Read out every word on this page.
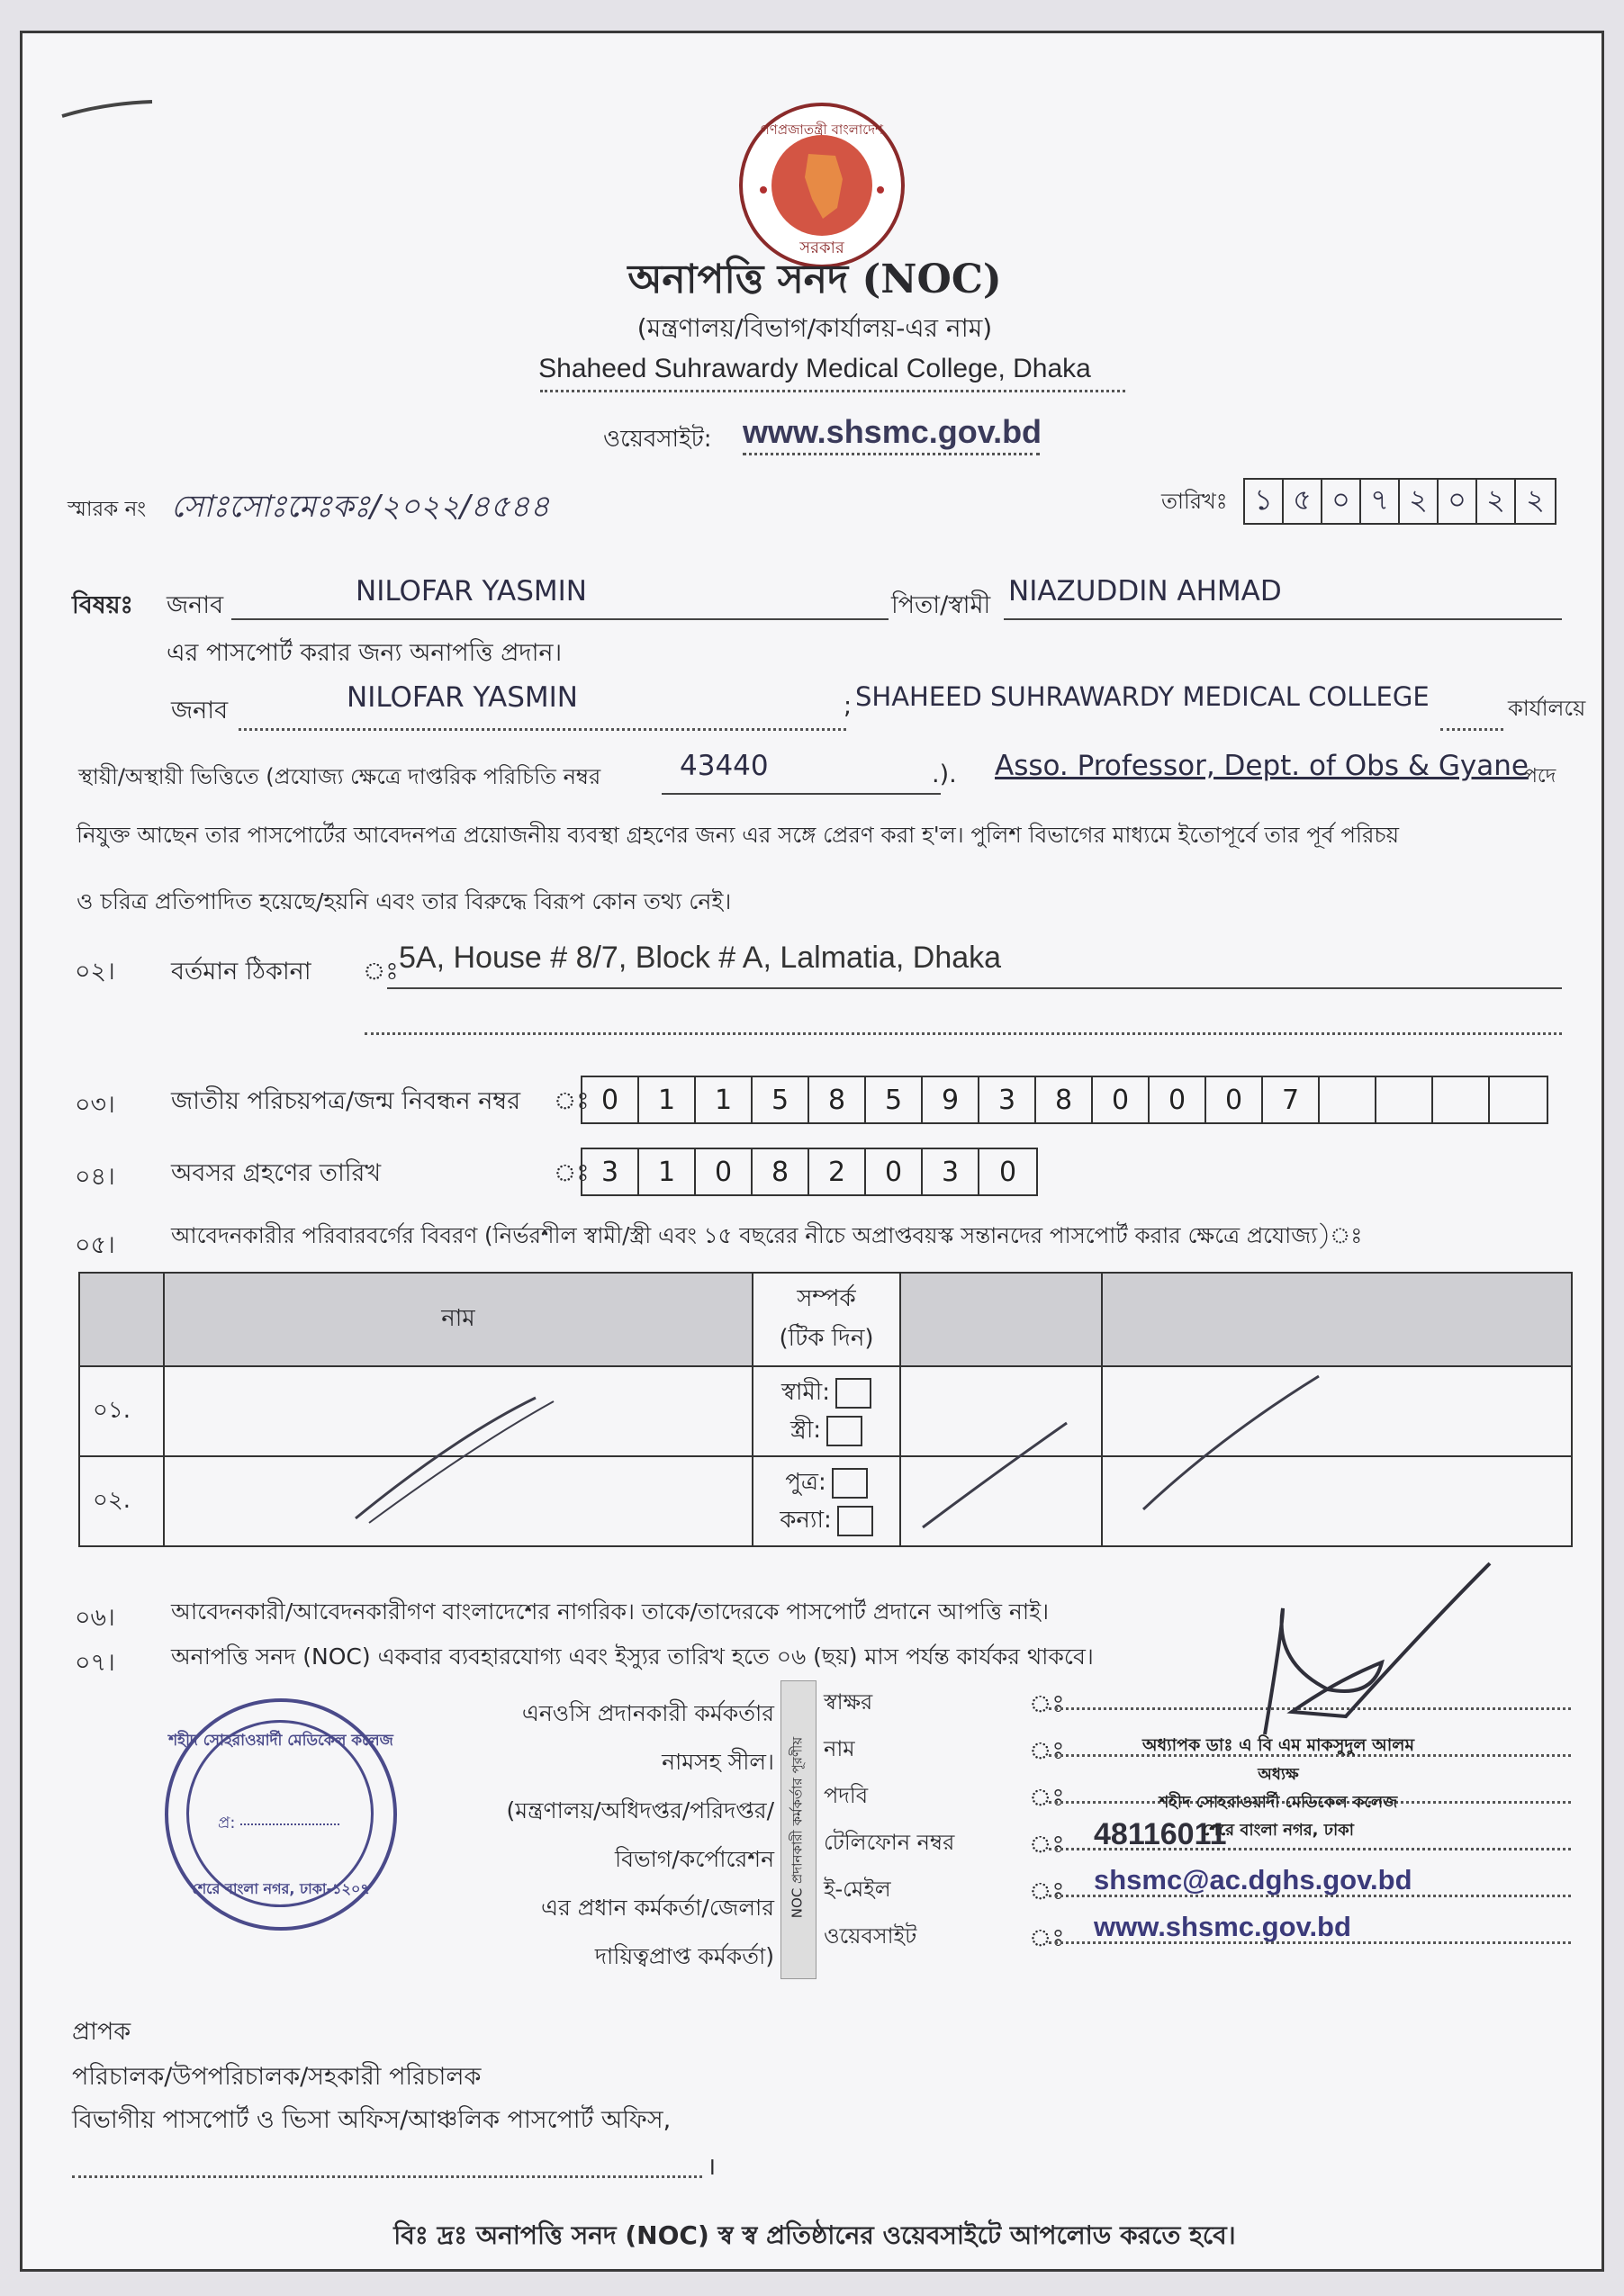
গণপ্রজাতন্ত্রী বাংলাদেশ
সরকার
অনাপত্তি সনদ (NOC)
(মন্ত্রণালয়/বিভাগ/কার্যালয়-এর নাম)
Shaheed Suhrawardy Medical College, Dhaka
ওয়েবসাইট: www.shsmc.gov.bd
স্মারক নং সোঃসোঃমেঃকঃ/২০২২/৪৫৪৪	তারিখঃ ১ ৫ ০ ৭ ২ ০ ২ ২
বিষয়ঃ জনাব	NILOFAR YASMIN	পিতা/স্বামী NIAZUDDIN AHMAD
এর পাসপোর্ট করার জন্য অনাপত্তি প্রদান।
জনাব	NILOFAR YASMIN	; SHAHEED SUHRAWARDY MEDICAL COLLEGE	কার্যালয়ে
স্থায়ী/অস্থায়ী ভিত্তিতে (প্রযোজ্য ক্ষেত্রে দাপ্তরিক পরিচিতি নম্বর	43440	.). Asso. Professor, Dept. of Obs & Gyane
পদে
নিযুক্ত আছেন তার পাসপোর্টের আবেদনপত্র প্রয়োজনীয় ব্যবস্থা গ্রহণের জন্য এর সঙ্গে প্রেরণ করা হ'ল। পুলিশ বিভাগের মাধ্যমে ইতোপূর্বে তার পূর্ব পরিচয়
ও চরিত্র প্রতিপাদিত হয়েছে/হয়নি এবং তার বিরুদ্ধে বিরূপ কোন তথ্য নেই।
০২। বর্তমান ঠিকানা ঃ 5A, House # 8/7, Block # A, Lalmatia, Dhaka
০৩। জাতীয় পরিচয়পত্র/জন্ম নিবন্ধন নম্বর ঃ 0	1	1	5	8	5	9	3	8	0	0	0	7
০৪। অবসর গ্রহণের তারিখ	ঃ 3	1	0	8	2	0	3	0
০৫।	আবেদনকারীর পরিবারবর্গের বিবরণ (নির্ভরশীল স্বামী/স্ত্রী এবং ১৫ বছরের নীচে অপ্রাপ্তবয়স্ক সন্তানদের পাসপোর্ট করার ক্ষেত্রে প্রযোজ্য)ঃ
	নাম	সম্পর্ক
(টিক দিন)		

০১.		স্বামী:
স্ত্রী:		

০২.		পুত্র:
কন্যা:		

০৬। আবেদনকারী/আবেদনকারীগণ বাংলাদেশের নাগরিক। তাকে/তাদেরকে পাসপোর্ট প্রদানে আপত্তি নাই।
০৭। অনাপত্তি সনদ (NOC) একবার ব্যবহারযোগ্য এবং ইস্যুর তারিখ হতে ০৬ (ছয়) মাস পর্যন্ত কার্যকর থাকবে।
এনওসি প্রদানকারী কর্মকর্তার
নামসহ সীল।
(মন্ত্রণালয়/অধিদপ্তর/পরিদপ্তর/
বিভাগ/কর্পোরেশন
এর প্রধান কর্মকর্তা/জেলার
দায়িত্বপ্রাপ্ত কর্মকর্তা)
NOC প্রদানকারী কর্মকর্তার পূরণীয়
স্বাক্ষর	ঃ
নাম	ঃ
পদবি	ঃ
টেলিফোন নম্বর	ঃ 48116011
ই-মেইল	ঃ shsmc@ac.dghs.gov.bd
ওয়েবসাইট	ঃ www.shsmc.gov.bd
অধ্যাপক ডাঃ এ বি এম মাকসুদুল আলম
অধ্যক্ষ
শহীদ সোহরাওয়ার্দী মেডিকেল কলেজ
শেরে বাংলা নগর, ঢাকা
শহীদ সোহরাওয়ার্দী মেডিকেল কলেজ
প্র:
শেরে বাংলা নগর, ঢাকা-১২০৭
প্রাপক
পরিচালক/উপপরিচালক/সহকারী পরিচালক
বিভাগীয় পাসপোর্ট ও ভিসা অফিস/আঞ্চলিক পাসপোর্ট অফিস,
।
বিঃ দ্রঃ অনাপত্তি সনদ (NOC) স্ব স্ব প্রতিষ্ঠানের ওয়েবসাইটে আপলোড করতে হবে।
